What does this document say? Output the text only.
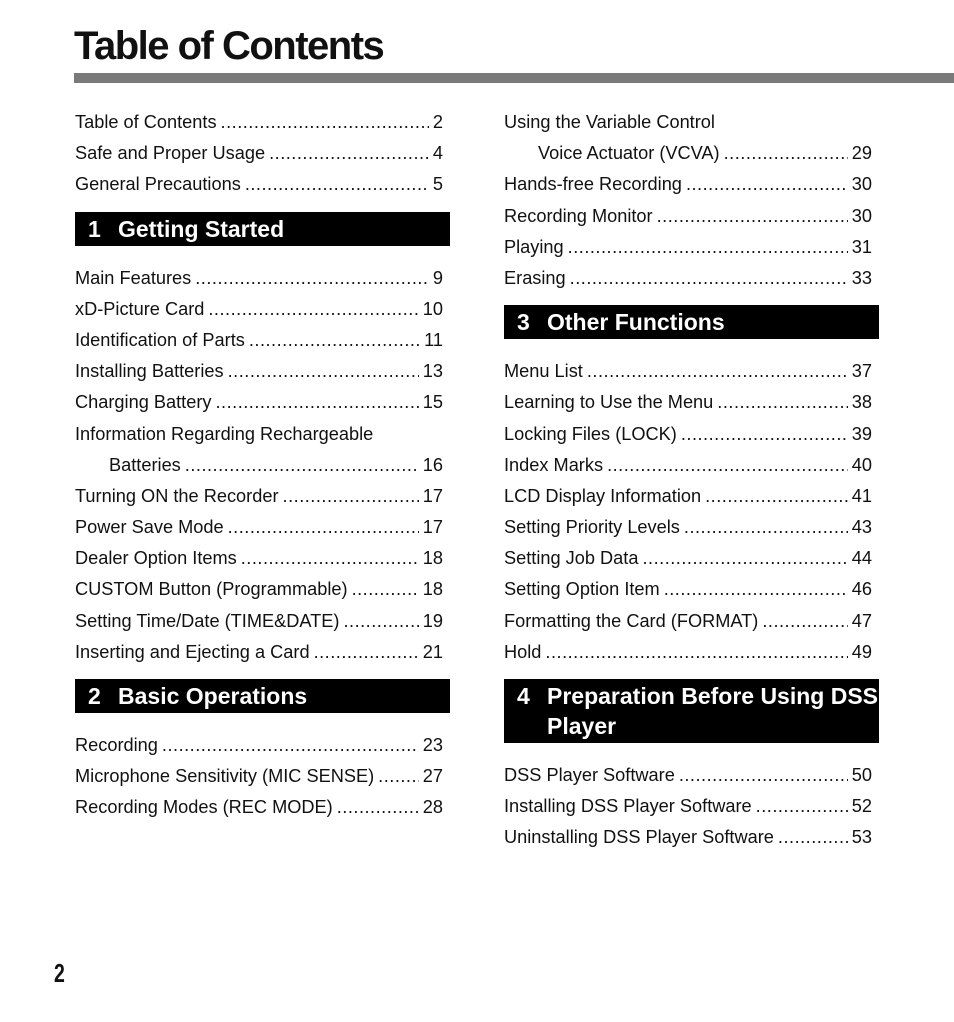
Table of Contents
Table of Contents .....	2
Safe and Proper Usage .....	4
General Precautions .....	5
1 Getting Started
Main Features .....	9
xD-Picture Card .....	10
Identification of Parts .....	11
Installing Batteries .....	13
Charging Battery .....	15
Information Regarding Rechargeable
Batteries .....	16
Turning ON the Recorder .....	17
Power Save Mode .....	17
Dealer Option Items .....	18
CUSTOM Button (Programmable) .....	18
Setting Time/Date (TIME&DATE) .....	19
Inserting and Ejecting a Card .....	21
2 Basic Operations
Recording .....	23
Microphone Sensitivity (MIC SENSE) .....	27
Recording Modes (REC MODE) .....	28
Using the Variable Control
Voice Actuator (VCVA) .....	29
Hands-free Recording .....	30
Recording Monitor .....	30
Playing .....	31
Erasing .....	33
3 Other Functions
Menu List .....	37
Learning to Use the Menu .....	38
Locking Files (LOCK) .....	39
Index Marks .....	40
LCD Display Information .....	41
Setting Priority Levels .....	43
Setting Job Data .....	44
Setting Option Item .....	46
Formatting the Card (FORMAT) .....	47
Hold .....	49
4 Preparation Before Using DSS Player
DSS Player Software .....	50
Installing DSS Player Software .....	52
Uninstalling DSS Player Software .....	53
2
